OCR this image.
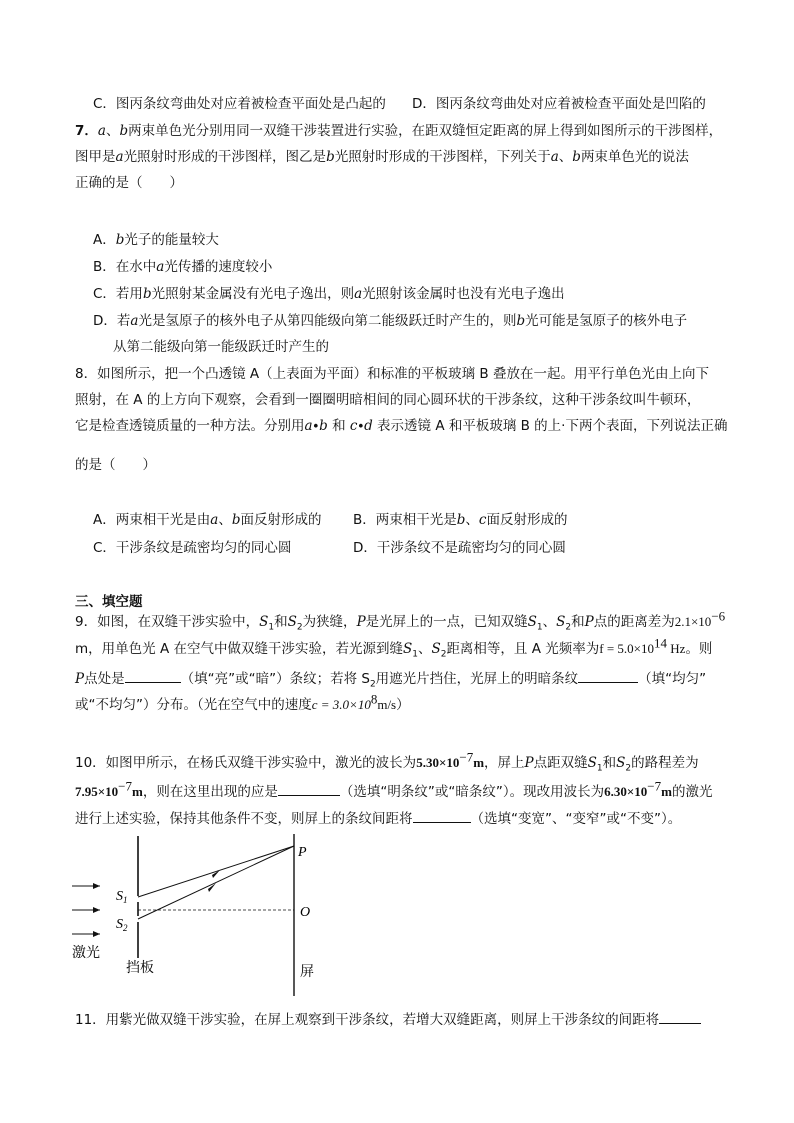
C．图丙条纹弯曲处对应着被检查平面处是凸起的 D．图丙条纹弯曲处对应着被检查平面处是凹陷的
7．a、b两束单色光分别用同一双缝干涉装置进行实验，在距双缝恒定距离的屏上得到如图所示的干涉图样，
图甲是a光照射时形成的干涉图样，图乙是b光照射时形成的干涉图样，下列关于a、b两束单色光的说法
正确的是（　　）
A．b光子的能量较大
B．在水中a光传播的速度较小
C．若用b光照射某金属没有光电子逸出，则a光照射该金属时也没有光电子逸出
D．若a光是氢原子的核外电子从第四能级向第二能级跃迁时产生的，则b光可能是氢原子的核外电子
从第二能级向第一能级跃迁时产生的
8．如图所示，把一个凸透镜 A（上表面为平面）和标准的平板玻璃 B 叠放在一起。用平行单色光由上向下
照射，在 A 的上方向下观察，会看到一圈圈明暗相间的同心圆环状的干涉条纹，这种干涉条纹叫牛顿环，
它是检查透镜质量的一种方法。分别用a∙b 和 c∙d 表示透镜 A 和平板玻璃 B 的上·下两个表面，下列说法正确
的是（　　）
A．两束相干光是由a、b面反射形成的 B．两束相干光是b、c面反射形成的
C．干涉条纹是疏密均匀的同心圆	D．干涉条纹不是疏密均匀的同心圆
三、填空题
9．如图，在双缝干涉实验中，$S_1$和$S_2$为狭缝，P是光屏上的一点，已知双缝$S_1$、$S_2$和P点的距离差为$2.1\times 10^{-6}$
m，用单色光 A 在空气中做双缝干涉实验，若光源到缝$S_1$、$S_2$距离相等，且 A 光频率为$f = 5.0\times 10^{14}$ Hz。则
P点处是	（填“亮”或“暗”）条纹；若将 $S_2$用遮光片挡住，光屏上的明暗条纹	（填“均匀”
或“不均匀”）分布。（光在空气中的速度$c = 3.0\times 10^8m/s$）
10．如图甲所示，在杨氏双缝干涉实验中，激光的波长为$5.30\times 10^{-7}m$，屏上P点距双缝$S_1$和$S_2$的路程差为
$7.95\times 10^{-7}m$，则在这里出现的应是	（选填“明条纹”或“暗条纹”）。现改用波长为$6.30\times 10^{-7}m$的激光
进行上述实验，保持其他条件不变，则屏上的条纹间距将	（选填“变宽”、“变窄”或“不变”）。
$S_1$
$S_2$
P
O
激光
挡板	屏
11．用紫光做双缝干涉实验，在屏上观察到干涉条纹，若增大双缝距离，则屏上干涉条纹的间距将
